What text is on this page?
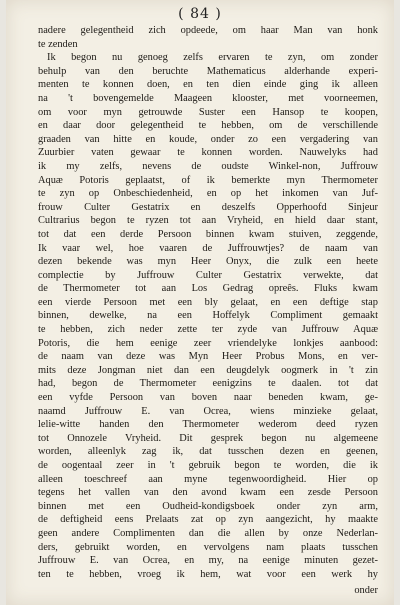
( 84 )
nadere gelegentheid zich opdeede, om haar Man van honk
te zenden
Ik begon nu genoeg zelfs ervaren te zyn, om zonder
behulp van den beruchte Mathematicus alderhande experi-
menten te konnen doen, en ten dien einde ging ik alleen
na 't bovengemelde Maageen klooster, met voorneemen,
om voor myn getrouwde Suster een Hansop te koopen,
en daar door gelegentheid te hebben, om de verschillende
graaden van hitte en koude, onder zo een vergadering van
Zuurbier vaten gewaar te konnen worden. Nauwelyks had
ik my zelfs, nevens de oudste Winkel-non, Juffrouw
Aquæ Potoris geplaatst, of ik bemerkte myn Thermometer
te zyn op Onbeschiedenheid, en op het inkomen van Juf-
frouw Culter Gestatrix en deszelfs Opperhoofd Sinjeur
Cultrarius begon te ryzen tot aan Vryheid, en hield daar stant,
tot dat een derde Persoon binnen kwam stuiven, zeggende,
Ik vaar wel, hoe vaaren de Juffrouwtjes? de naam van
dezen bekende was myn Heer Onyx, die zulk een heete
complectie by Juffrouw Culter Gestatrix verwekte, dat
de Thermometer tot aan Los Gedrag opreês. Fluks kwam
een vierde Persoon met een bly gelaat, en een deftige stap
binnen, dewelke, na een Hoffelyk Compliment gemaakt
te hebben, zich neder zette ter zyde van Juffrouw Aquæ
Potoris, die hem eenige zeer vriendelyke lonkjes aanbood:
de naam van deze was Myn Heer Probus Mons, en ver-
mits deze Jongman niet dan een deugdelyk oogmerk in 't zin
had, begon de Thermometer eenigzins te daalen. tot dat
een vyfde Persoon van boven naar beneden kwam, ge-
naamd Juffrouw E. van Ocrea, wiens minzieke gelaat,
lelie-witte handen den Thermometer wederom deed ryzen
tot Onnozele Vryheid. Dit gesprek begon nu algemeene
worden, alleenlyk zag ik, dat tusschen dezen en geenen,
de oogentaal zeer in 't gebruik begon te worden, die ik
alleen toeschreef aan myne tegenwoordigheid. Hier op
tegens het vallen van den avond kwam een zesde Persoon
binnen met een Oudheid-kondigsboek onder zyn arm,
de deftigheid eens Prelaats zat op zyn aangezicht, hy maakte
geen andere Complimenten dan die allen by onze Nederlan-
ders, gebruikt worden, en vervolgens nam plaats tusschen
Juffrouw E. van Ocrea, en my, na eenige minuten gezet-
ten te hebben, vroeg ik hem, wat voor een werk hy
onder
